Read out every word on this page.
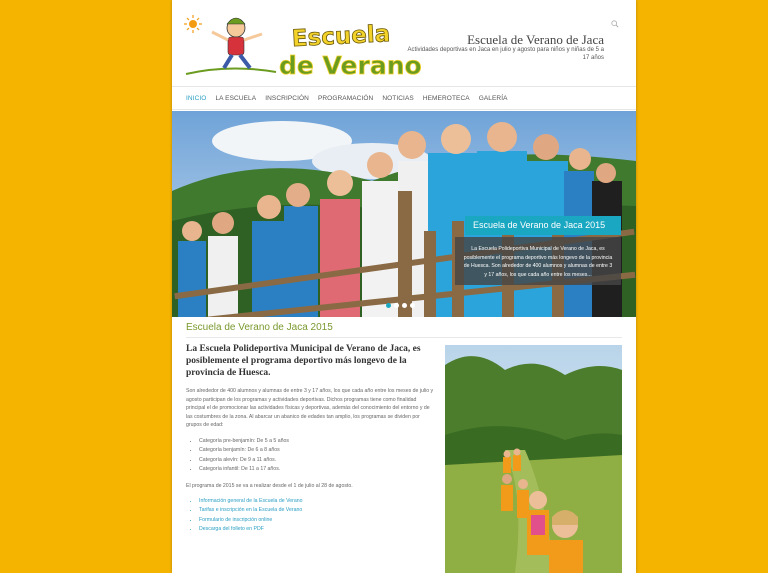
Escuela
de Verano
Escuela de Verano de Jaca
Actividades deportivas en Jaca en julio y agosto para niños y niñas de 5 a 17 años
INICIO LA ESCUELA INSCRIPCIÓN PROGRAMACIÓN NOTICIAS HEMEROTECA GALERÍA
Escuela de Verano de Jaca 2015
La Escuela Polideportiva Municipal de Verano de Jaca, es posiblemente el programa deportivo más longevo de la provincia de Huesca. Son alrededor de 400 alumnos y alumnas de entre 3 y 17 años, los que cada año entre los meses...
Escuela de Verano de Jaca 2015

La Escuela Polideportiva Municipal de Verano de Jaca, es posiblemente el programa deportivo más longevo de la provincia de Huesca.

Son alrededor de 400 alumnos y alumnas de entre 3 y 17 años, los que cada año entre los meses de julio y agosto participan de los programas y actividades deportivas. Dichos programas tiene como finalidad principal el de promocionar las actividades físicas y deportivas, además del conocimiento del entorno y de las costumbres de la zona. Al abarcar un abanico de edades tan amplio, los programas se dividen por grupos de edad:

• Categoría pre-benjamín: De 5 a 5 años
• Categoría benjamín: De 6 a 8 años
• Categoría alevín: De 9 a 11 años.
• Categoría infantil: De 11 a 17 años.

El programa de 2015 se va a realizar desde el 1 de julio al 28 de agosto.

• Información general de la Escuela de Verano
• Tarifas e inscripción en la Escuela de Verano
• Formulario de inscripción online
• Descarga del folleto en PDF
